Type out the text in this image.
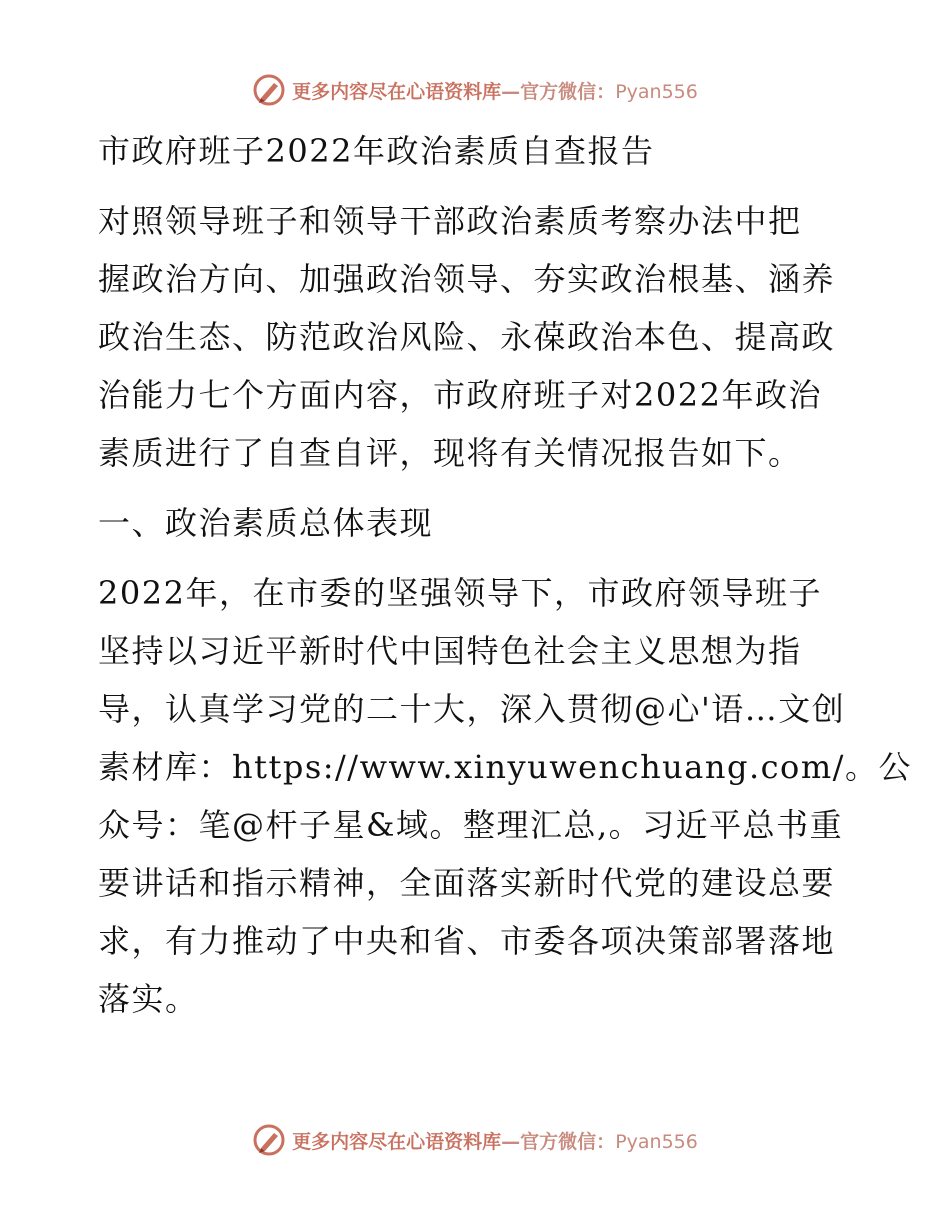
更多内容尽在心语资料库—官方微信：Pyan556
市政府班子2022年政治素质自查报告
对照领导班子和领导干部政治素质考察办法中把
握政治方向、加强政治领导、夯实政治根基、涵养
政治生态、防范政治风险、永葆政治本色、提高政
治能力七个方面内容，市政府班子对2022年政治
素质进行了自查自评，现将有关情况报告如下。
一、政治素质总体表现
2022年，在市委的坚强领导下，市政府领导班子
坚持以习近平新时代中国特色社会主义思想为指
导，认真学习党的二十大，深入贯彻@心'语…文创
素材库：https://www.xinyuwenchuang.com/。公
众号：笔@杆子星&域。整理汇总,。习近平总书重
要讲话和指示精神，全面落实新时代党的建设总要
求，有力推动了中央和省、市委各项决策部署落地
落实。
更多内容尽在心语资料库—官方微信：Pyan556
